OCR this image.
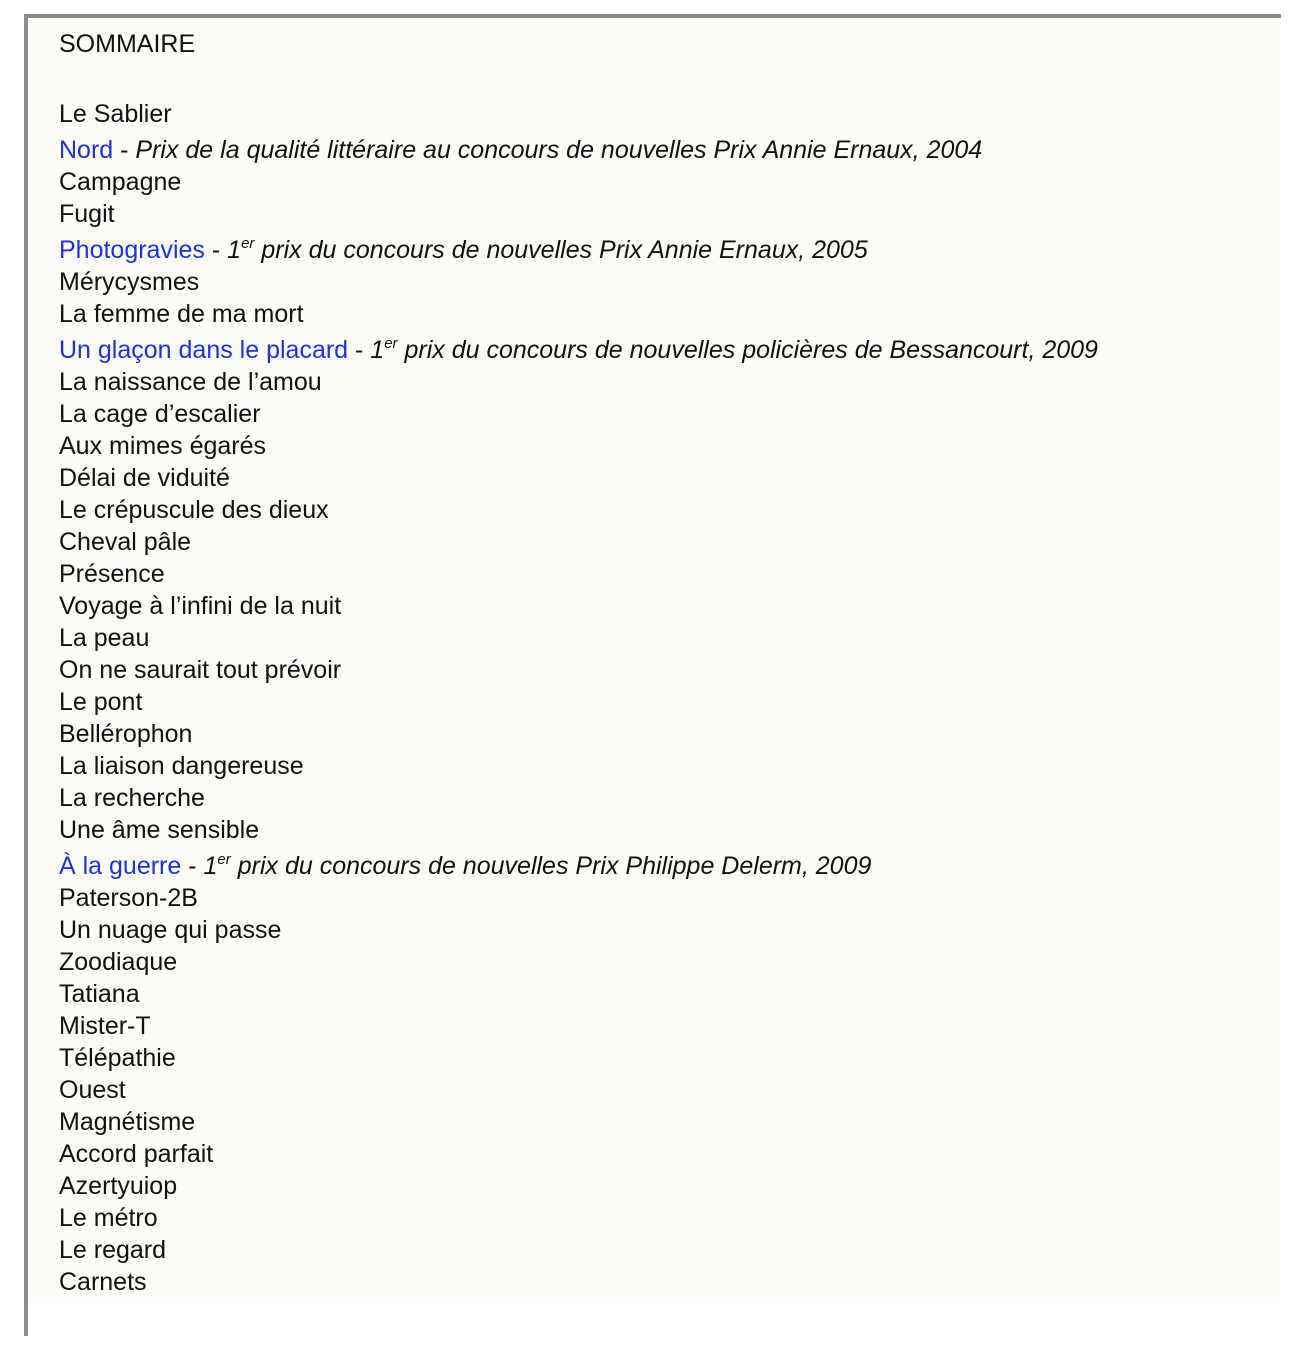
SOMMAIRE
Le Sablier
Nord - Prix de la qualité littéraire au concours de nouvelles Prix Annie Ernaux, 2004
Campagne
Fugit
Photogravies - 1er prix du concours de nouvelles Prix Annie Ernaux, 2005
Mérycysmes
La femme de ma mort
Un glaçon dans le placard - 1er prix du concours de nouvelles policières de Bessancourt, 2009
La naissance de l’amou
La cage d’escalier
Aux mimes égarés
Délai de viduité
Le crépuscule des dieux
Cheval pâle
Présence
Voyage à l’infini de la nuit
La peau
On ne saurait tout prévoir
Le pont
Bellérophon
La liaison dangereuse
La recherche
Une âme sensible
À la guerre - 1er prix du concours de nouvelles Prix Philippe Delerm, 2009
Paterson-2B
Un nuage qui passe
Zoodiaque
Tatiana
Mister-T
Télépathie
Ouest
Magnétisme
Accord parfait
Azertyuiop
Le métro
Le regard
Carnets
